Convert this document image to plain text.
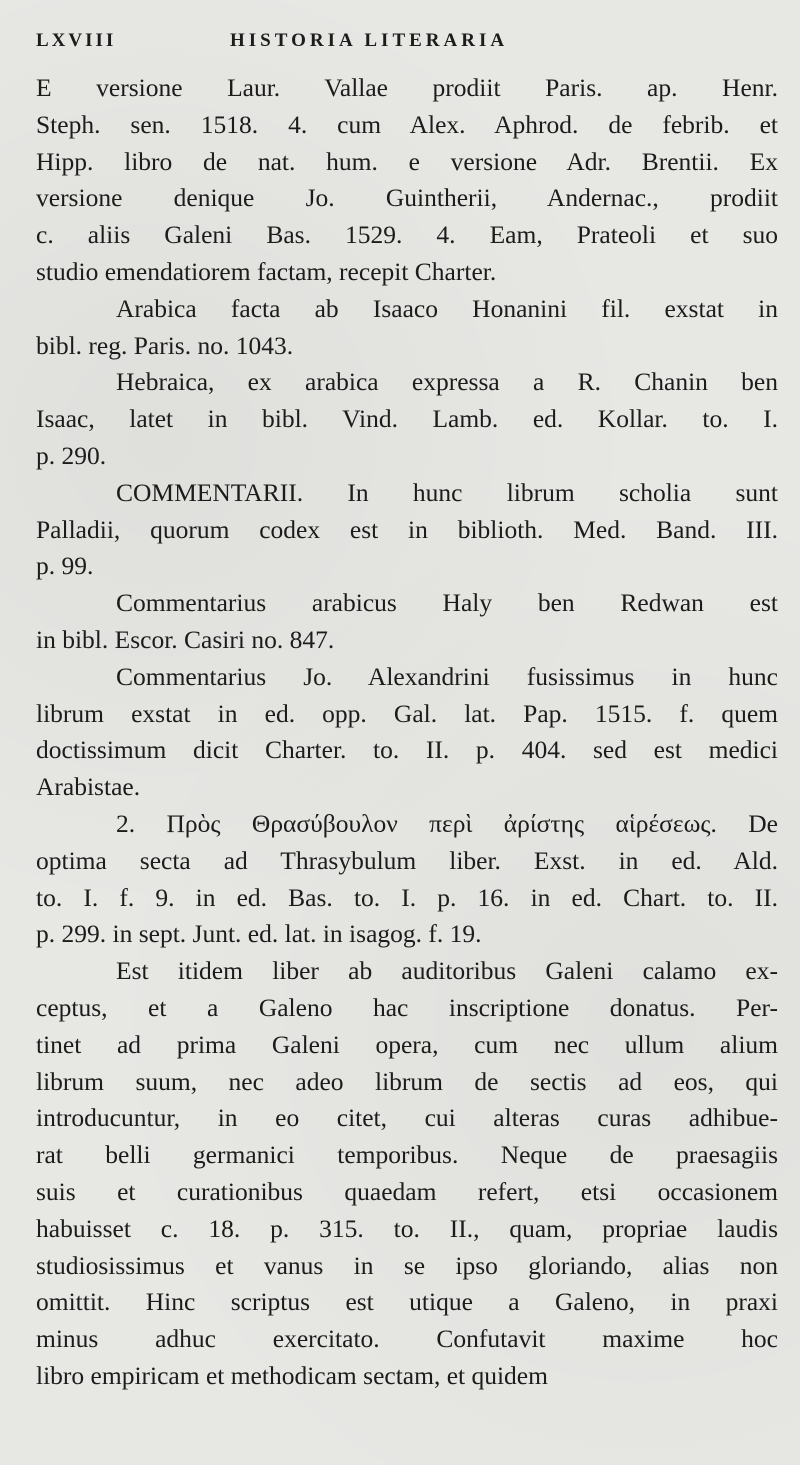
LXVIII	HISTORIA LITERARIA
E versione Laur. Vallae prodiit Paris. ap. Henr.
Steph. sen. 1518. 4. cum Alex. Aphrod. de febrib. et
Hipp. libro de nat. hum. e versione Adr. Brentii. Ex
versione denique Jo. Guintherii, Andernac., prodiit
c. aliis Galeni Bas. 1529. 4. Eam, Prateoli et suo
studio emendatiorem factam, recepit Charter.
Arabica facta ab Isaaco Honanini fil. exstat in
bibl. reg. Paris. no. 1043.
Hebraica, ex arabica expressa a R. Chanin ben
Isaac, latet in bibl. Vind. Lamb. ed. Kollar. to. I.
p. 290.
COMMENTARII. In hunc librum scholia sunt
Palladii, quorum codex est in biblioth. Med. Band. III.
p. 99.
Commentarius arabicus Haly ben Redwan est
in bibl. Escor. Casiri no. 847.
Commentarius Jo. Alexandrini fusissimus in hunc
librum exstat in ed. opp. Gal. lat. Pap. 1515. f. quem
doctissimum dicit Charter. to. II. p. 404. sed est medici
Arabistae.
2. Πρὸς Θρασύβουλον περὶ ἀρίστης αἱρέσεως. De
optima secta ad Thrasybulum liber. Exst. in ed. Ald.
to. I. f. 9. in ed. Bas. to. I. p. 16. in ed. Chart. to. II.
p. 299. in sept. Junt. ed. lat. in isagog. f. 19.
Est itidem liber ab auditoribus Galeni calamo ex-
ceptus, et a Galeno hac inscriptione donatus. Per-
tinet ad prima Galeni opera, cum nec ullum alium
librum suum, nec adeo librum de sectis ad eos, qui
introducuntur, in eo citet, cui alteras curas adhibue-
rat belli germanici temporibus. Neque de praesagiis
suis et curationibus quaedam refert, etsi occasionem
habuisset c. 18. p. 315. to. II., quam, propriae laudis
studiosissimus et vanus in se ipso gloriando, alias non
omittit. Hinc scriptus est utique a Galeno, in praxi
minus adhuc exercitato. Confutavit maxime hoc
libro empiricam et methodicam sectam, et quidem
